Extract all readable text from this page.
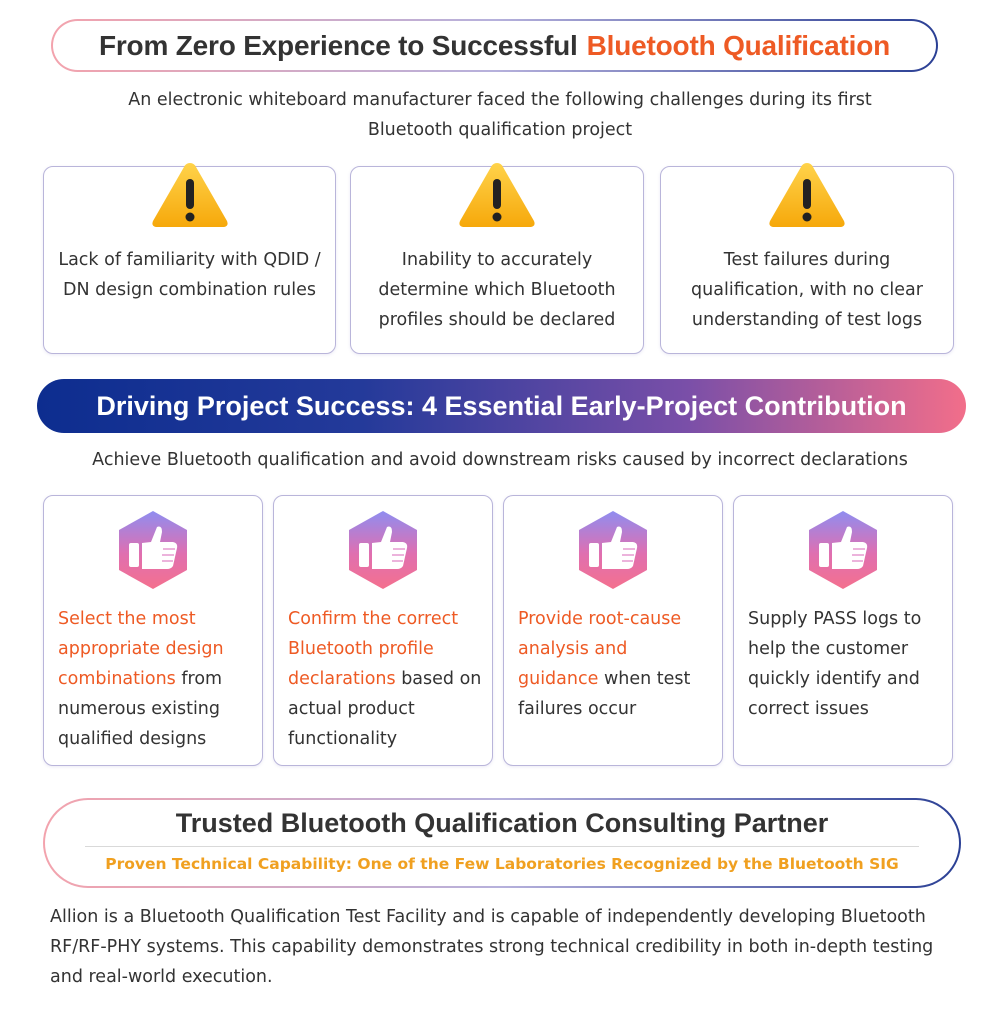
From Zero Experience to Successful Bluetooth Qualification
An electronic whiteboard manufacturer faced the following challenges during its first Bluetooth qualification project
Lack of familiarity with QDID / DN design combination rules
Inability to accurately determine which Bluetooth profiles should be declared
Test failures during qualification, with no clear understanding of test logs
Driving Project Success: 4 Essential Early-Project Contribution
Achieve Bluetooth qualification and avoid downstream risks caused by incorrect declarations
Select the most appropriate design combinations from numerous existing qualified designs
Confirm the correct Bluetooth profile declarations based on actual product functionality
Provide root-cause analysis and guidance when test failures occur
Supply PASS logs to help the customer quickly identify and correct issues
Trusted Bluetooth Qualification Consulting Partner
Proven Technical Capability: One of the Few Laboratories Recognized by the Bluetooth SIG
Allion is a Bluetooth Qualification Test Facility and is capable of independently developing Bluetooth RF/RF-PHY systems. This capability demonstrates strong technical credibility in both in-depth testing and real-world execution.
